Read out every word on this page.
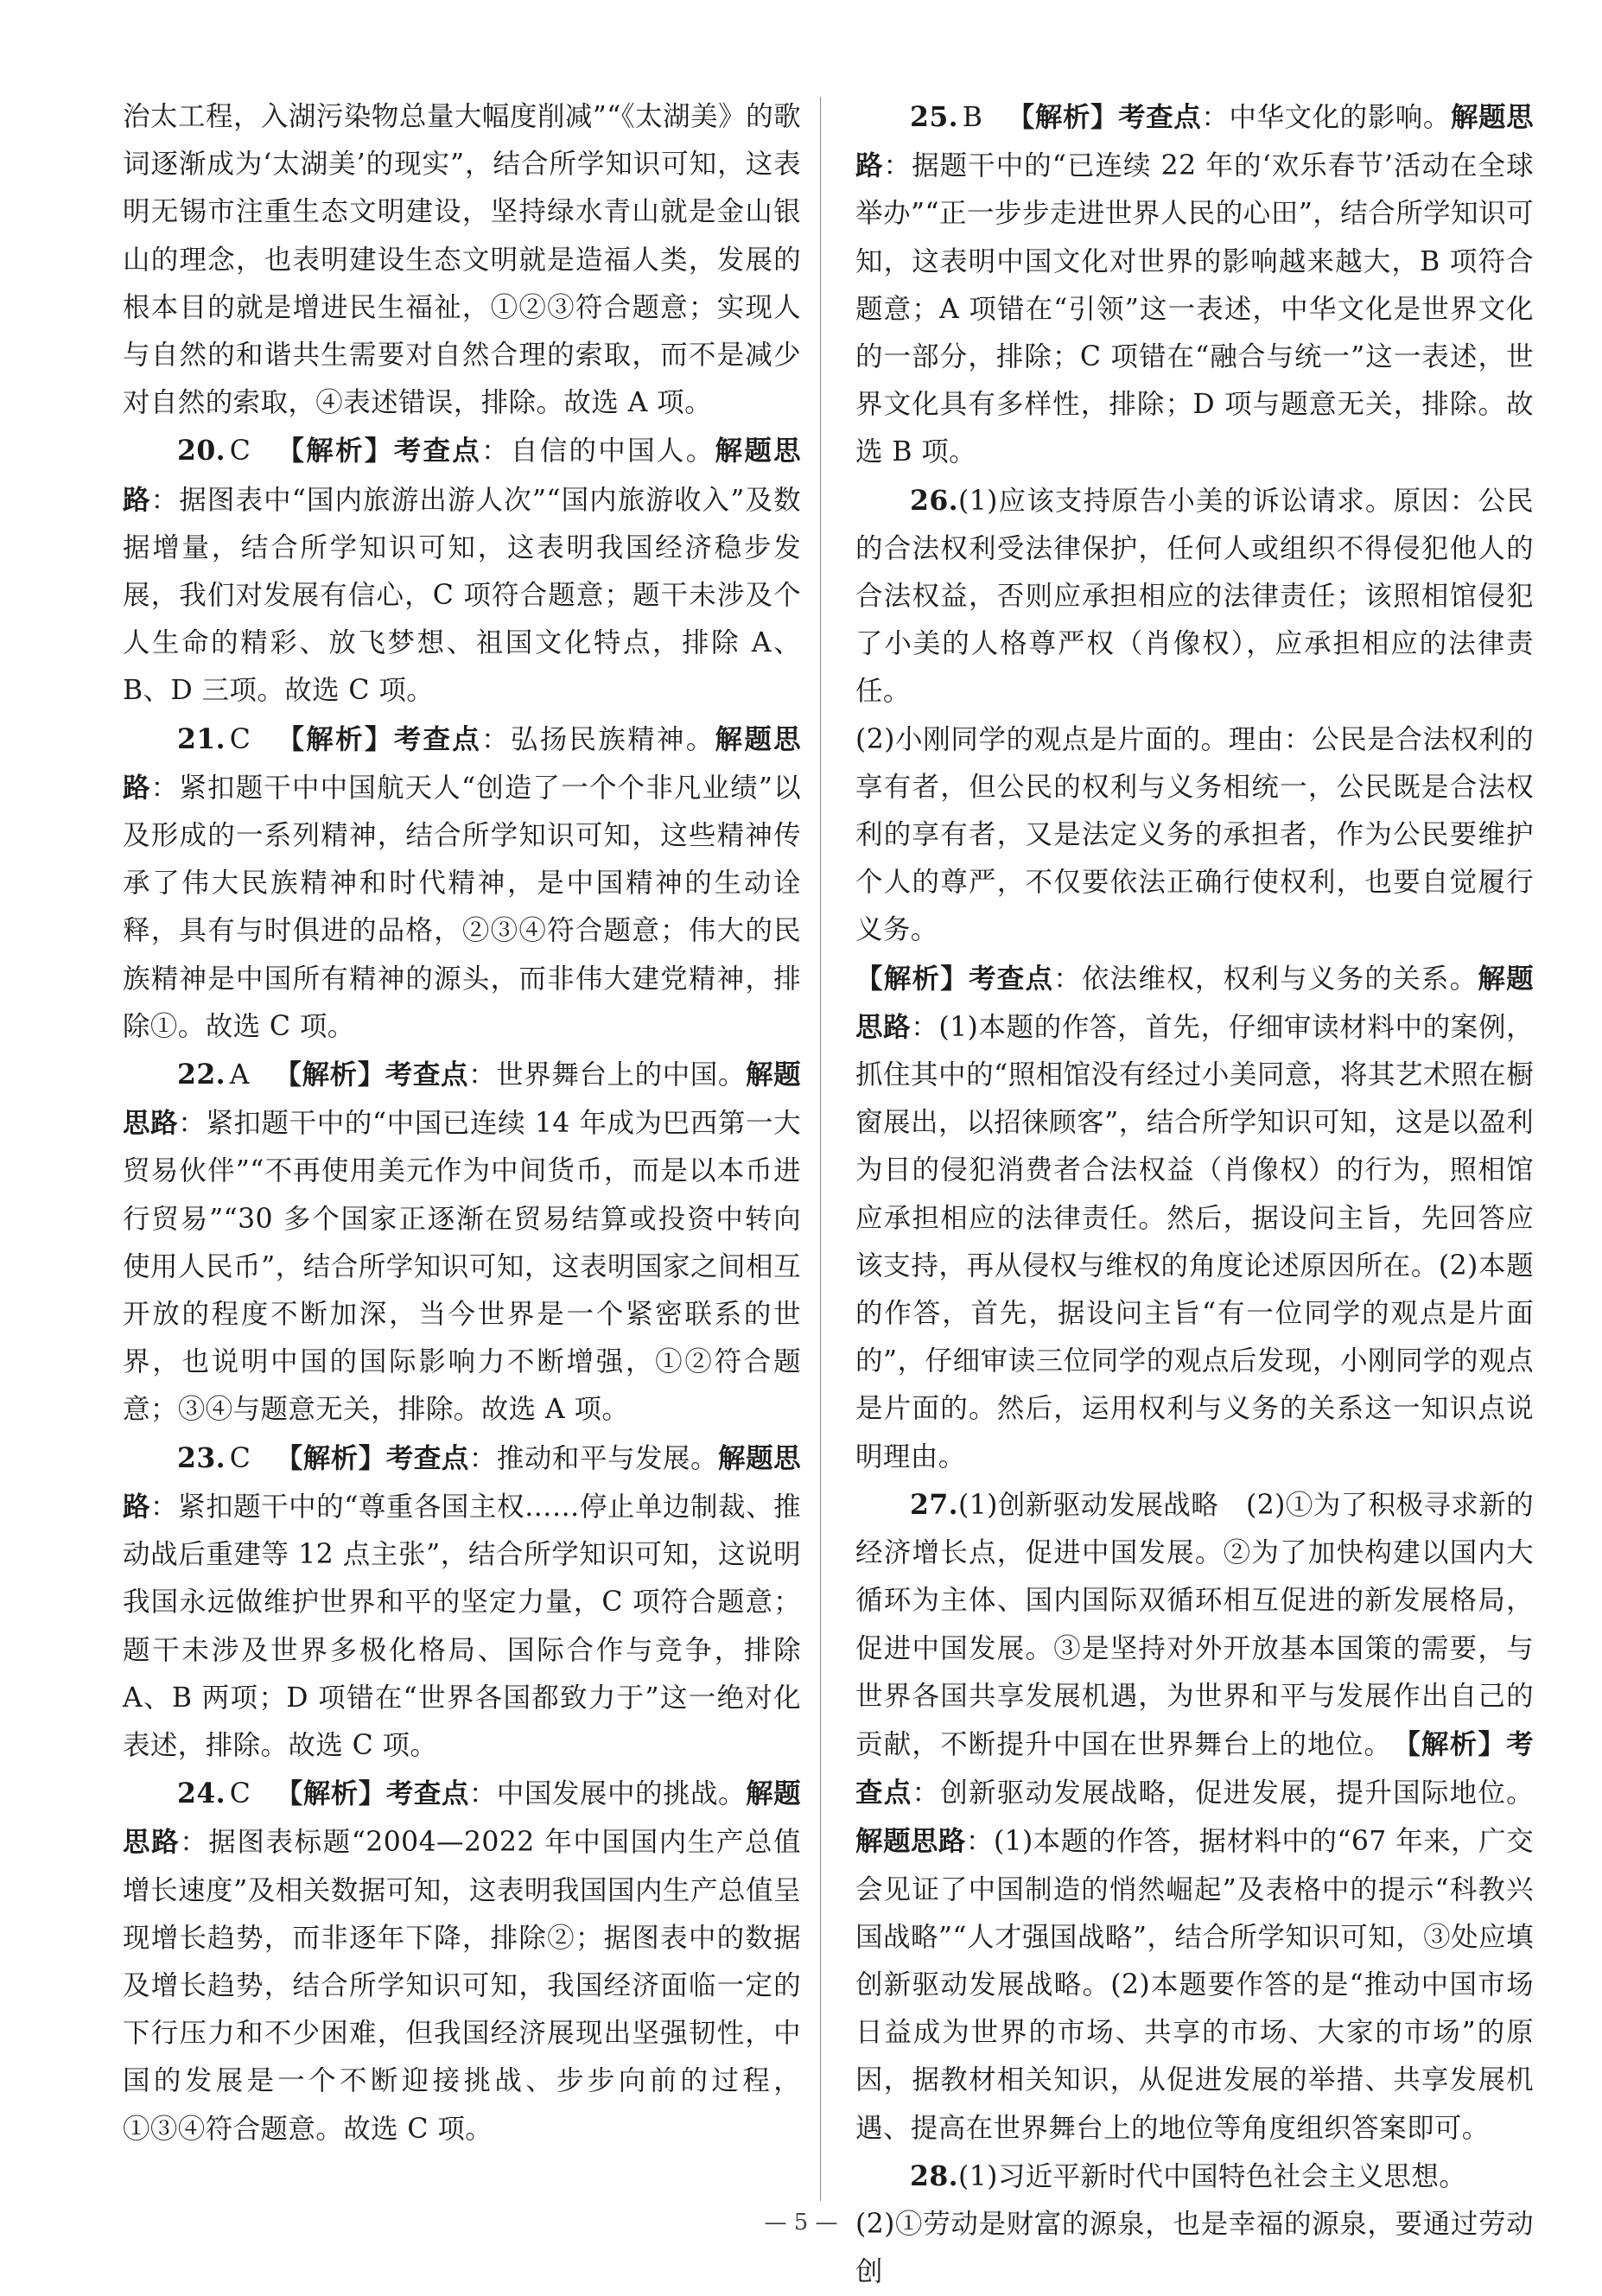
治太工程，入湖污染物总量大幅度削减”“《太湖美》的歌词逐渐成为‘太湖美’的现实”，结合所学知识可知，这表明无锡市注重生态文明建设，坚持绿水青山就是金山银山的理念，也表明建设生态文明就是造福人类，发展的根本目的就是增进民生福祉，①②③符合题意；实现人与自然的和谐共生需要对自然合理的索取，而不是减少对自然的索取，④表述错误，排除。故选 A 项。

20. C 【解析】考查点：自信的中国人。解题思路：据图表中“国内旅游出游人次”“国内旅游收入”及数据增量，结合所学知识可知，这表明我国经济稳步发展，我们对发展有信心，C 项符合题意；题干未涉及个人生命的精彩、放飞梦想、祖国文化特点，排除 A、B、D 三项。故选 C 项。

21. C 【解析】考查点：弘扬民族精神。解题思路：紧扣题干中中国航天人“创造了一个个非凡业绩”以及形成的一系列精神，结合所学知识可知，这些精神传承了伟大民族精神和时代精神，是中国精神的生动诠释，具有与时俱进的品格，②③④符合题意；伟大的民族精神是中国所有精神的源头，而非伟大建党精神，排除①。故选 C 项。

22. A 【解析】考查点：世界舞台上的中国。解题思路：紧扣题干中的“中国已连续 14 年成为巴西第一大贸易伙伴”“不再使用美元作为中间货币，而是以本币进行贸易”“30 多个国家正逐渐在贸易结算或投资中转向使用人民币”，结合所学知识可知，这表明国家之间相互开放的程度不断加深，当今世界是一个紧密联系的世界，也说明中国的国际影响力不断增强，①②符合题意；③④与题意无关，排除。故选 A 项。

23. C 【解析】考查点：推动和平与发展。解题思路：紧扣题干中的“尊重各国主权……停止单边制裁、推动战后重建等 12 点主张”，结合所学知识可知，这说明我国永远做维护世界和平的坚定力量，C 项符合题意；题干未涉及世界多极化格局、国际合作与竞争，排除 A、B 两项；D 项错在“世界各国都致力于”这一绝对化表述，排除。故选 C 项。

24. C 【解析】考查点：中国发展中的挑战。解题思路：据图表标题“2004—2022 年中国国内生产总值增长速度”及相关数据可知，这表明我国国内生产总值呈现增长趋势，而非逐年下降，排除②；据图表中的数据及增长趋势，结合所学知识可知，我国经济面临一定的下行压力和不少困难，但我国经济展现出坚强韧性，中国的发展是一个不断迎接挑战、步步向前的过程，①③④符合题意。故选 C 项。

25. B 【解析】考查点：中华文化的影响。解题思路：据题干中的“已连续 22 年的‘欢乐春节’活动在全球举办”“正一步步走进世界人民的心田”，结合所学知识可知，这表明中国文化对世界的影响越来越大，B 项符合题意；A 项错在“引领”这一表述，中华文化是世界文化的一部分，排除；C 项错在“融合与统一”这一表述，世界文化具有多样性，排除；D 项与题意无关，排除。故选 B 项。

26.(1)应该支持原告小美的诉讼请求。原因：公民的合法权利受法律保护，任何人或组织不得侵犯他人的合法权益，否则应承担相应的法律责任；该照相馆侵犯了小美的人格尊严权（肖像权），应承担相应的法律责任。

(2)小刚同学的观点是片面的。理由：公民是合法权利的享有者，但公民的权利与义务相统一，公民既是合法权利的享有者，又是法定义务的承担者，作为公民要维护个人的尊严，不仅要依法正确行使权利，也要自觉履行义务。

【解析】考查点：依法维权，权利与义务的关系。解题思路：(1)本题的作答，首先，仔细审读材料中的案例，抓住其中的“照相馆没有经过小美同意，将其艺术照在橱窗展出，以招徕顾客”，结合所学知识可知，这是以盈利为目的侵犯消费者合法权益（肖像权）的行为，照相馆应承担相应的法律责任。然后，据设问主旨，先回答应该支持，再从侵权与维权的角度论述原因所在。(2)本题的作答，首先，据设问主旨“有一位同学的观点是片面的”，仔细审读三位同学的观点后发现，小刚同学的观点是片面的。然后，运用权利与义务的关系这一知识点说明理由。

27.(1)创新驱动发展战略　(2)①为了积极寻求新的经济增长点，促进中国发展。②为了加快构建以国内大循环为主体、国内国际双循环相互促进的新发展格局，促进中国发展。③是坚持对外开放基本国策的需要，与世界各国共享发展机遇，为世界和平与发展作出自己的贡献，不断提升中国在世界舞台上的地位。　 【解析】考查点：创新驱动发展战略，促进发展，提升国际地位。解题思路：(1)本题的作答，据材料中的“67 年来，广交会见证了中国制造的悄然崛起”及表格中的提示“科教兴国战略”“人才强国战略”，结合所学知识可知，③处应填创新驱动发展战略。(2)本题要作答的是“推动中国市场日益成为世界的市场、共享的市场、大家的市场”的原因，据教材相关知识，从促进发展的举措、共享发展机遇、提高在世界舞台上的地位等角度组织答案即可。

28.(1)习近平新时代中国特色社会主义思想。

(2)①劳动是财富的源泉，也是幸福的源泉，要通过劳动创

— 5 —
